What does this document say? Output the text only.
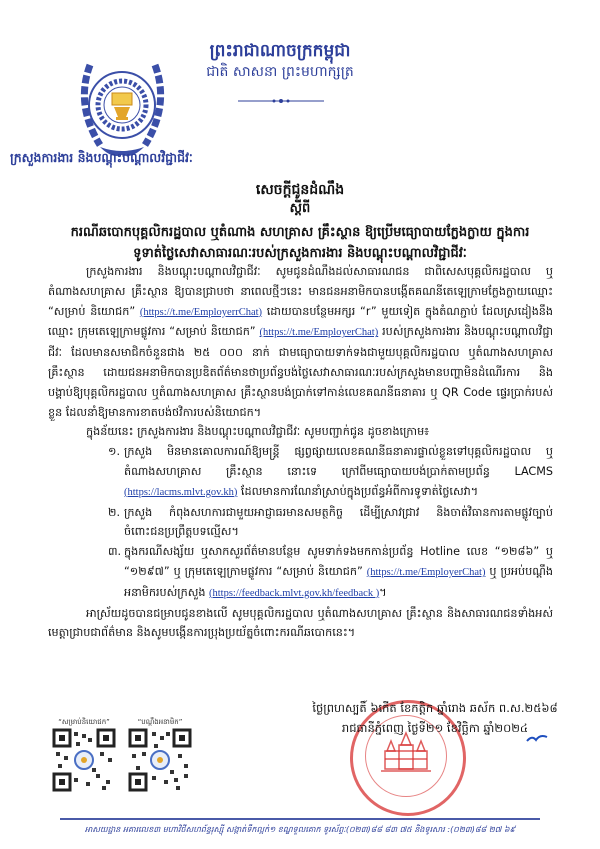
ព្រះរាជាណាចក្រកម្ពុជា
ជាតិ សាសនា ព្រះមហាក្សត្រ
ក្រសួងការងារ និងបណ្តុះបណ្តាលវិជ្ជាជីវៈ
សេចក្តីជូនដំណឹង
ស្តីពី
ករណីឆបោកបុគ្គលិករដ្ឋបាល ឬតំណាង សហគ្រាស គ្រឹះស្ថាន ឱ្យប្រើមធ្យោបាយក្លែងក្លាយ ក្នុងការទូទាត់ថ្លៃសេវាសាធារណៈរបស់ក្រសួងការងារ និងបណ្តុះបណ្តាលវិជ្ជាជីវៈ

ក្រសួងការងារ និងបណ្តុះបណ្តាលវិជ្ជាជីវៈ សូមជូនដំណឹងដល់សាធារណជន ជាពិសេសបុគ្គលិករដ្ឋបាល ឬតំណាងសហគ្រាស គ្រឹះស្ថាន ឱ្យបានជ្រាបថា នាពេលថ្មីៗនេះ មានជនអនាមិកបានបង្កើតគណនីតេឡេក្រាមក្លែងក្លាយឈ្មោះ “សម្រាប់ និយោជក” (https://t.me/EmployerrChat) ដោយបានបន្ថែមអក្សរ “r” មួយទៀត ក្នុងតំណភ្ជាប់ ដែលស្រដៀងនឹងឈ្មោះ ក្រុមតេឡេក្រាមផ្លូវការ “សម្រាប់ និយោជក” (https://t.me/EmployerChat) របស់ក្រសួងការងារ និងបណ្តុះបណ្តាលវិជ្ជាជីវៈ ដែលមានសមាជិកចំនួនជាង ២៥ ០០០ នាក់ ជាមធ្យោបាយទាក់ទងជាមួយបុគ្គលិករដ្ឋបាល ឬតំណាងសហគ្រាស គ្រឹះស្ថាន ដោយជនអនាមិកបានប្រឌិតព័ត៌មានថាប្រព័ន្ធបង់ថ្លៃសេវាសាធារណៈរបស់ក្រសួងមានបញ្ហាមិនដំណើរការ និងបង្គាប់ឱ្យបុគ្គលិករដ្ឋបាល ឬតំណាងសហគ្រាស គ្រឹះស្ថានបង់ប្រាក់ទៅកាន់លេខគណនីធនាគារ ឬ QR Code ផ្ទេរប្រាក់របស់ខ្លួន ដែលនាំឱ្យមានការខាតបង់ថវិការបស់និយោជក។

ក្នុងន័យនេះ ក្រសួងការងារ និងបណ្តុះបណ្តាលវិជ្ជាជីវៈ សូមបញ្ជាក់ជូន ដូចខាងក្រោម៖

១. ក្រសួង មិនមានគោលការណ៍ឱ្យមន្ត្រី ផ្សព្វផ្សាយលេខគណនីធនាគារផ្ទាល់ខ្លួនទៅបុគ្គលិករដ្ឋបាល ឬតំណាងសហគ្រាស គ្រឹះស្ថាន នោះទេ ក្រៅពីមធ្យោបាយបង់ប្រាក់តាមប្រព័ន្ធ LACMS (https://lacms.mlvt.gov.kh) ដែលមានការណែនាំស្រាប់ក្នុងប្រព័ន្ធអំពីការទូទាត់ថ្លៃសេវា។
២. ក្រសួង កំពុងសហការជាមួយអាជ្ញាធរមានសមត្ថកិច្ច ដើម្បីស្រាវជ្រាវ និងចាត់វិធានការតាមផ្លូវច្បាប់ចំពោះជនប្រព្រឹត្តបទល្មើស។
៣. ក្នុងករណីសង្ស័យ ឬសាកសួរព័ត៌មានបន្ថែម សូមទាក់ទងមកកាន់ប្រព័ន្ធ Hotline លេខ “១២៨៦” ឬ “១២៩៧” ឬ ក្រុមតេឡេក្រាមផ្លូវការ “សម្រាប់ និយោជក” (https://t.me/EmployerChat) ឬ ប្រអប់បណ្តឹងអនាមិករបស់ក្រសួង (https://feedback.mlvt.gov.kh/feedback )។

អាស្រ័យដូចបានជម្រាបជូនខាងលើ សូមបុគ្គលិករដ្ឋបាល ឬតំណាងសហគ្រាស គ្រឹះស្ថាន និងសាធារណជនទាំងអស់ មេត្តាជ្រាបជាព័ត៌មាន និងសូមបង្កើនការប្រុងប្រយ័ត្នចំពោះករណីឆបោកនេះ។

“សម្រាប់និយោជក”	“បណ្តឹងអនាមិក”
ថ្ងៃព្រហស្បតិ៍ ៦កើត ខែកត្តិក ឆ្នាំរោង ឆស័ក ព.ស.២៥៦៨
រាជធានីភ្នំពេញ ថ្ងៃទី២១ ខែវិច្ឆិកា ឆ្នាំ២០២៤
អាសយដ្ឋាន អគារលេខ៣ មហាវិថីសហព័ន្ធរុស្ស៊ី សង្កាត់ទឹកល្អក់១ ខណ្ឌទួលគោក ទូរស័ព្ទៈ(០២៣)៨៨ ៨៣ ៧៥ និងទូរសារ :(០២៣)៨៨ ២៧ ៦៩
